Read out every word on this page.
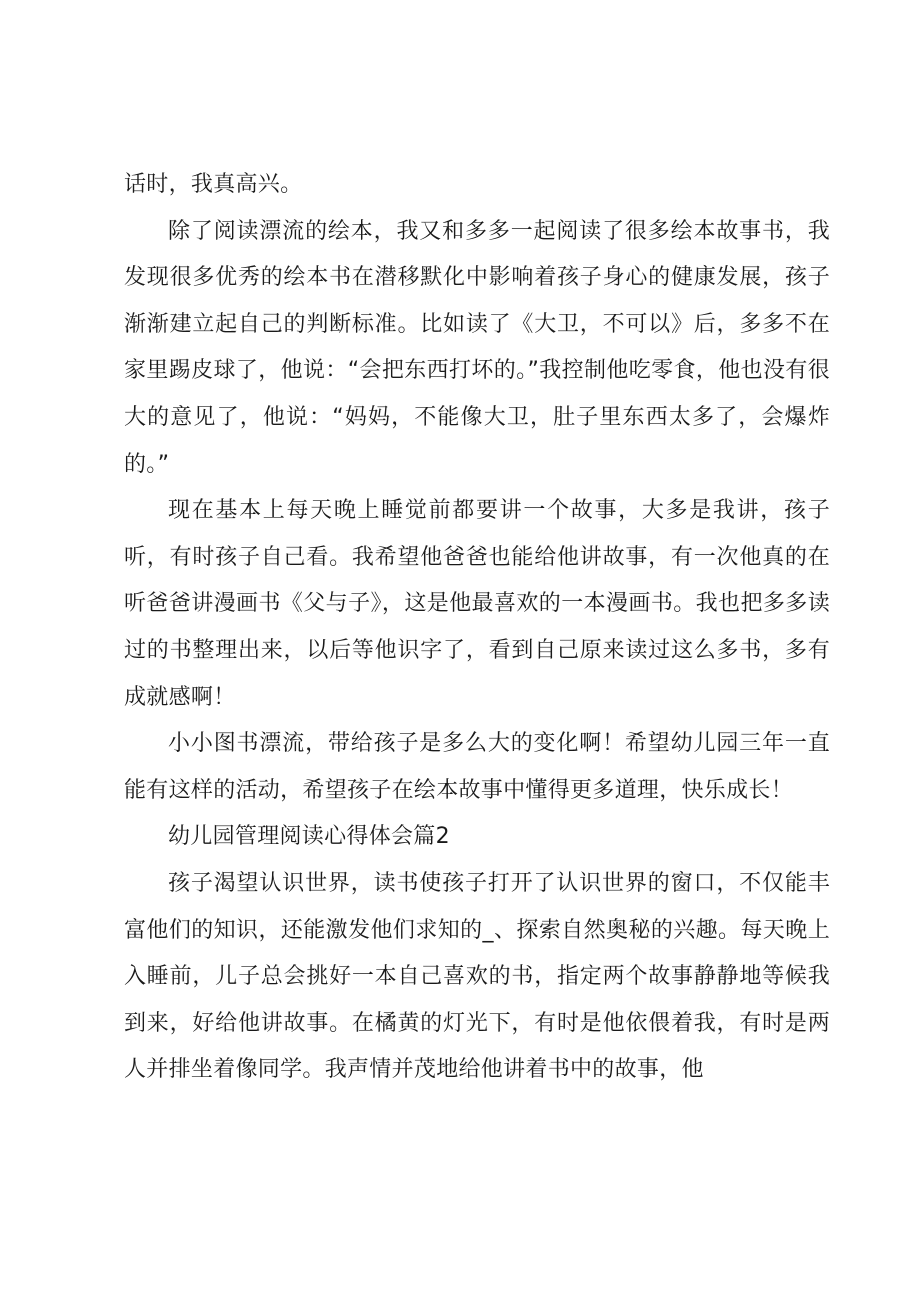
话时，我真高兴。

除了阅读漂流的绘本，我又和多多一起阅读了很多绘本故事书，我发现很多优秀的绘本书在潜移默化中影响着孩子身心的健康发展，孩子渐渐建立起自己的判断标准。比如读了《大卫，不可以》后，多多不在家里踢皮球了，他说：“会把东西打坏的。”我控制他吃零食，他也没有很大的意见了，他说：“妈妈，不能像大卫，肚子里东西太多了，会爆炸的。”

现在基本上每天晚上睡觉前都要讲一个故事，大多是我讲，孩子听，有时孩子自己看。我希望他爸爸也能给他讲故事，有一次他真的在听爸爸讲漫画书《父与子》，这是他最喜欢的一本漫画书。我也把多多读过的书整理出来，以后等他识字了，看到自己原来读过这么多书，多有成就感啊！

小小图书漂流，带给孩子是多么大的变化啊！希望幼儿园三年一直能有这样的活动，希望孩子在绘本故事中懂得更多道理，快乐成长！

幼儿园管理阅读心得体会篇2

孩子渴望认识世界，读书使孩子打开了认识世界的窗口，不仅能丰富他们的知识，还能激发他们求知的_、探索自然奥秘的兴趣。每天晚上入睡前，儿子总会挑好一本自己喜欢的书，指定两个故事静静地等候我到来，好给他讲故事。在橘黄的灯光下，有时是他依偎着我，有时是两人并排坐着像同学。我声情并茂地给他讲着书中的故事，他
